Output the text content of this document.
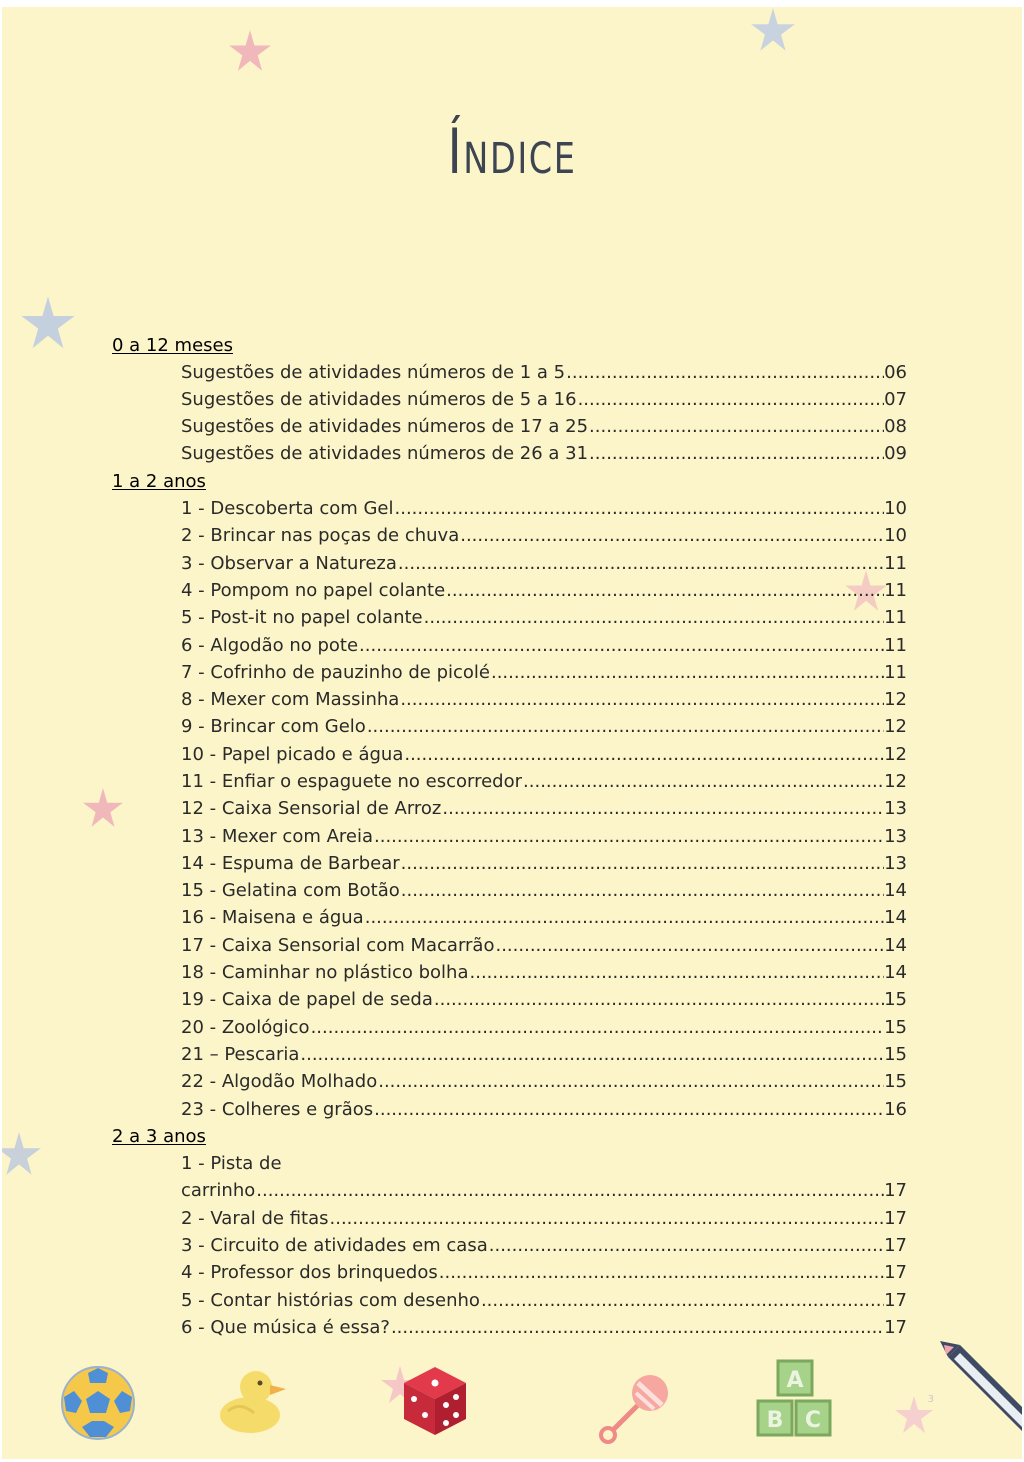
Índice
0 a 12 meses
Sugestões de atividades números de 1 a 5 .....	06
Sugestões de atividades números de 5 a 16 .....	07
Sugestões de atividades números de 17 a 25 .....	08
Sugestões de atividades números de 26 a 31 .....	09
1 a 2 anos
1 - Descoberta com Gel .....	10
2 - Brincar nas poças de chuva .....	10
3 - Observar a Natureza .....	11
4 - Pompom no papel colante .....	11
5 - Post-it no papel colante .....	11
6 - Algodão no pote .....	11
7 - Cofrinho de pauzinho de picolé .....	11
8 - Mexer com Massinha .....	12
9 - Brincar com Gelo .....	12
10 - Papel picado e água .....	12
11 - Enfiar o espaguete no escorredor .....	12
12 - Caixa Sensorial de Arroz .....	13
13 - Mexer com Areia .....	13
14 - Espuma de Barbear .....	13
15 - Gelatina com Botão .....	14
16 - Maisena e água .....	14
17 - Caixa Sensorial com Macarrão .....	14
18 - Caminhar no plástico bolha .....	14
19 - Caixa de papel de seda .....	15
20 - Zoológico .....	15
21 – Pescaria .....	15
22 - Algodão Molhado .....	15
23 - Colheres e grãos .....	16
2 a 3 anos
1 - Pista de
carrinho .....	17
2 - Varal de fitas .....	17
3 - Circuito de atividades em casa .....	17
4 - Professor dos brinquedos .....	17
5 - Contar histórias com desenho .....	17
6 - Que música é essa? .....	17
A
B C
3
